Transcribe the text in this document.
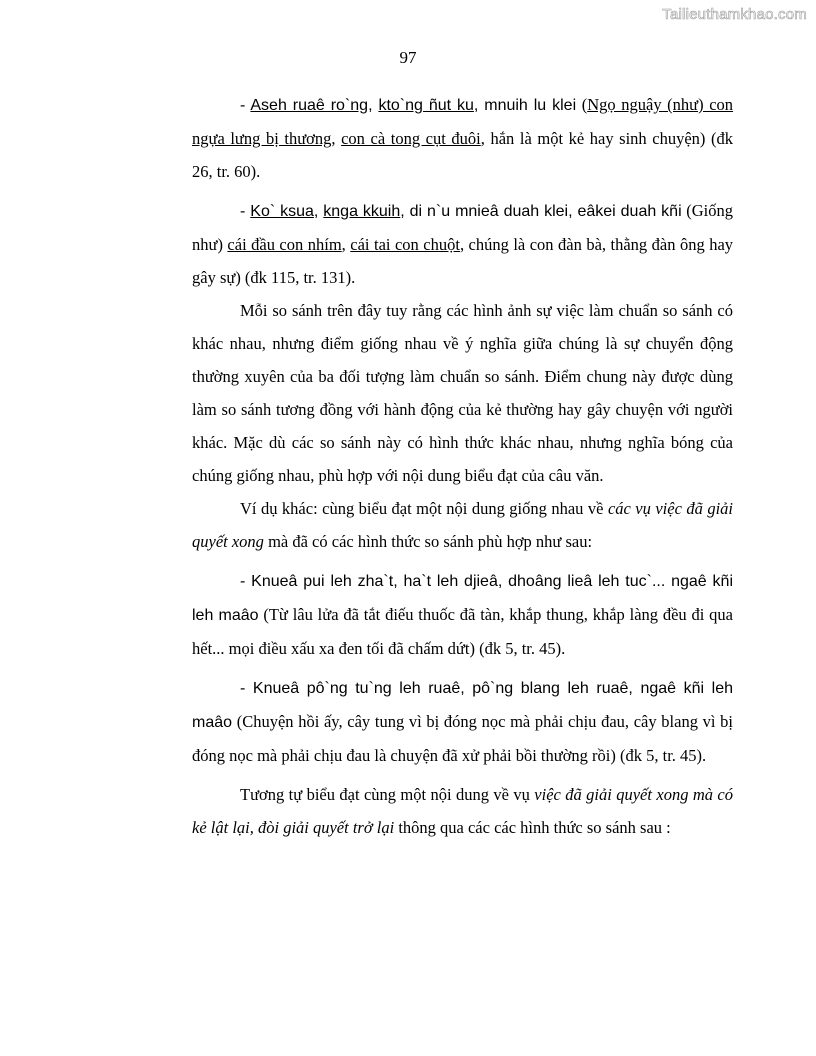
Tailieuthamkhao.com
97

- Aseh ruaê ro`ng, kto`ng ñut ku, mnuih lu klei (Ngọ nguậy (như) con ngựa lưng bị thương, con cà tong cụt đuôi, hắn là một kẻ hay sinh chuyện) (đk 26, tr. 60).

- Ko` ksua, knga kkuih, di n`u mnieâ duah klei, eâkei duah kñi (Giống như) cái đầu con nhím, cái tai con chuột, chúng là con đàn bà, thằng đàn ông hay gây sự) (đk 115, tr. 131).

Mỗi so sánh trên đây tuy rằng các hình ảnh sự việc làm chuẩn so sánh có khác nhau, nhưng điểm giống nhau về ý nghĩa giữa chúng là sự chuyển động thường xuyên của ba đối tượng làm chuẩn so sánh. Điểm chung này được dùng làm so sánh tương đồng với hành động của kẻ thường hay gây chuyện với người khác. Mặc dù các so sánh này có hình thức khác nhau, nhưng nghĩa bóng của chúng giống nhau, phù hợp với nội dung biểu đạt của câu văn.

Ví dụ khác: cùng biểu đạt một nội dung giống nhau về các vụ việc đã giải quyết xong mà đã có các hình thức so sánh phù hợp như sau:

- Knueâ pui leh zha`t, ha`t leh djieâ, dhoâng lieâ leh tuc`... ngaê kñi leh maâo (Từ lâu lửa đã tắt điếu thuốc đã tàn, khắp thung, khắp làng đều đi qua hết... mọi điều xấu xa đen tối đã chấm dứt) (đk 5, tr. 45).

- Knueâ pô`ng tu`ng leh ruaê, pô`ng blang leh ruaê, ngaê kñi leh maâo (Chuyện hồi ấy, cây tung vì bị đóng nọc mà phải chịu đau, cây blang vì bị đóng nọc mà phải chịu đau là chuyện đã xử phải bồi thường rồi) (đk 5, tr. 45).

Tương tự biểu đạt cùng một nội dung về vụ việc đã giải quyết xong mà có kẻ lật lại, đòi giải quyết trở lại thông qua các các hình thức so sánh sau :
